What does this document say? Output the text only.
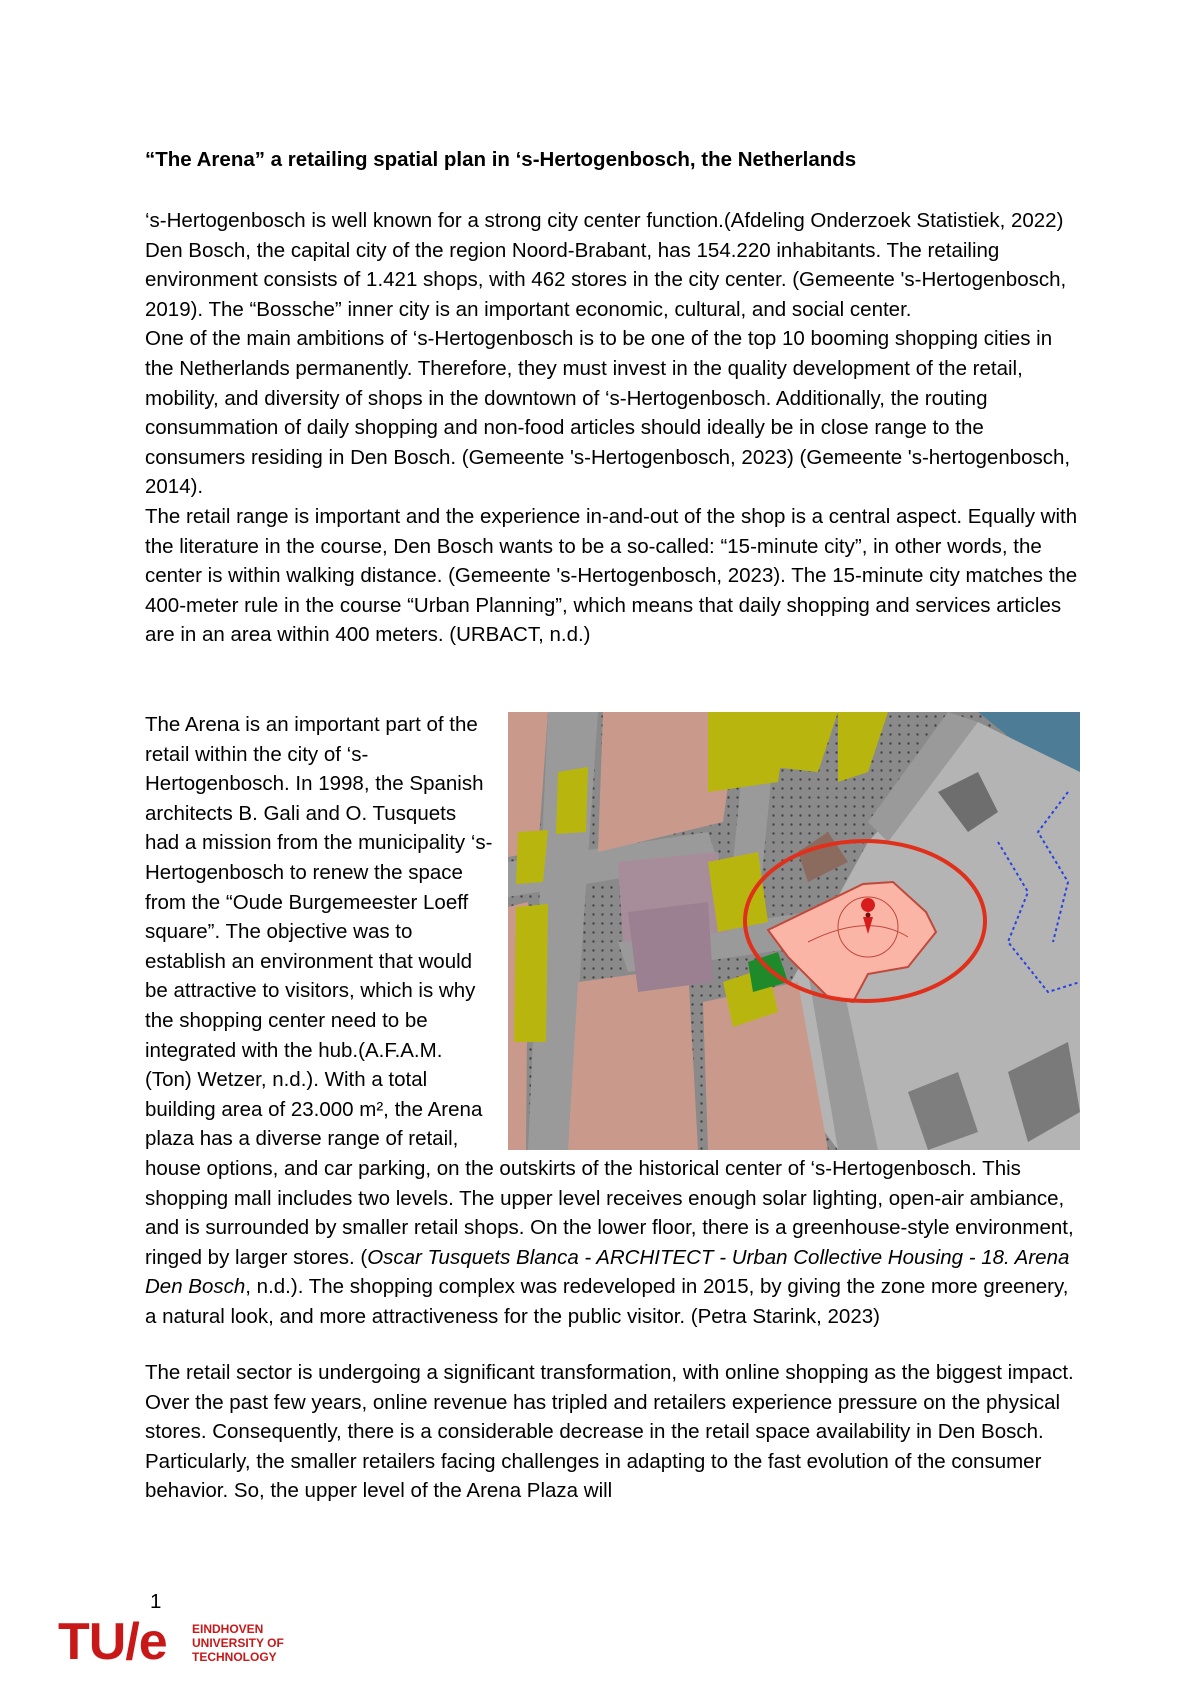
“The Arena” a retailing spatial plan in ‘s-Hertogenbosch, the Netherlands

‘s-Hertogenbosch is well known for a strong city center function.(Afdeling Onderzoek Statistiek, 2022) Den Bosch, the capital city of the region Noord-Brabant, has 154.220 inhabitants. The retailing environment consists of 1.421 shops, with 462 stores in the city center. (Gemeente 's-Hertogenbosch, 2019). The “Bossche” inner city is an important economic, cultural, and social center.

One of the main ambitions of ‘s-Hertogenbosch is to be one of the top 10 booming shopping cities in the Netherlands permanently. Therefore, they must invest in the quality development of the retail, mobility, and diversity of shops in the downtown of ‘s-Hertogenbosch. Additionally, the routing consummation of daily shopping and non-food articles should ideally be in close range to the consumers residing in Den Bosch. (Gemeente 's-Hertogenbosch, 2023) (Gemeente 's-hertogenbosch, 2014).

The retail range is important and the experience in-and-out of the shop is a central aspect. Equally with the literature in the course, Den Bosch wants to be a so-called: “15-minute city”, in other words, the center is within walking distance. (Gemeente 's-Hertogenbosch, 2023). The 15-minute city matches the 400-meter rule in the course “Urban Planning”, which means that daily shopping and services articles are in an area within 400 meters. (URBACT, n.d.)

The Arena is an important part of the retail within the city of ‘s-Hertogenbosch. In 1998, the Spanish architects B. Gali and O. Tusquets had a mission from the municipality ‘s-Hertogenbosch to renew the space from the “Oude Burgemeester Loeff square”. The objective was to establish an environment that would be attractive to visitors, which is why the shopping center need to be integrated with the hub.(A.F.A.M. (Ton) Wetzer, n.d.). With a total building area of 23.000 m², the Arena plaza has a diverse range of retail, house options, and car parking, on the outskirts of the historical center of ‘s-Hertogenbosch. This shopping mall includes two levels. The upper level receives enough solar lighting, open-air ambiance, and is surrounded by smaller retail shops. On the lower floor, there is a greenhouse-style environment, ringed by larger stores. (Oscar Tusquets Blanca - ARCHITECT - Urban Collective Housing - 18. Arena Den Bosch, n.d.). The shopping complex was redeveloped in 2015, by giving the zone more greenery, a natural look, and more attractiveness for the public visitor. (Petra Starink, 2023)

The retail sector is undergoing a significant transformation, with online shopping as the biggest impact. Over the past few years, online revenue has tripled and retailers experience pressure on the physical stores. Consequently, there is a considerable decrease in the retail space availability in Den Bosch. Particularly, the smaller retailers facing challenges in adapting to the fast evolution of the consumer behavior. So, the upper level of the Arena Plaza will

1
TU/e EINDHOVEN
UNIVERSITY OF
TECHNOLOGY
